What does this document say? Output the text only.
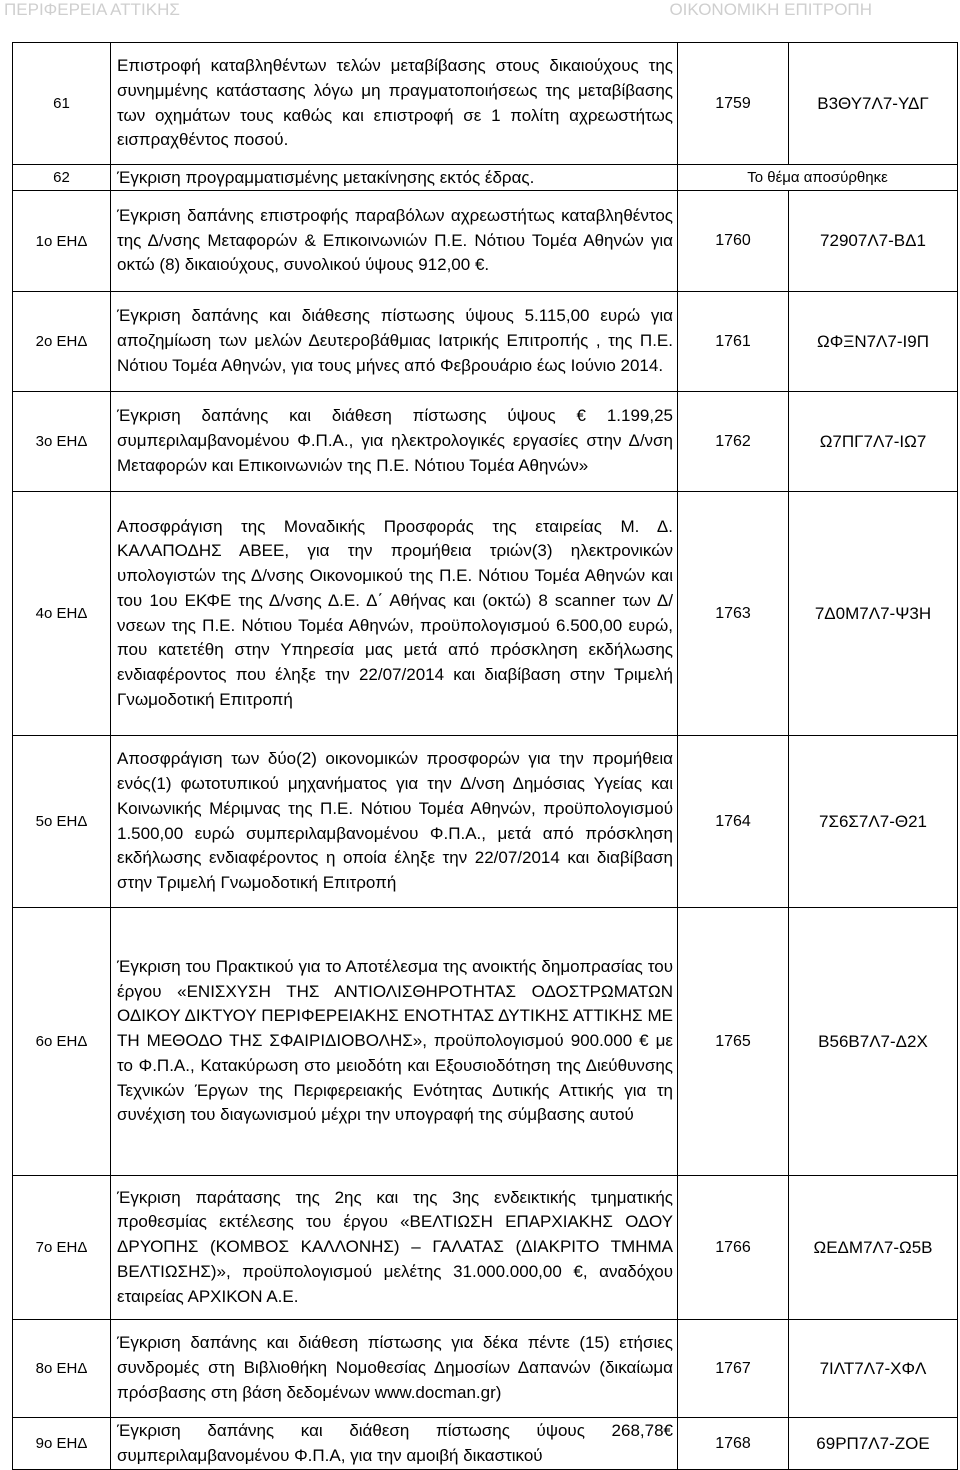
ΠΕΡΙΦΕΡΕΙΑ ΑΤΤΙΚΗΣ	ΟΙΚΟΝΟΜΙΚΗ ΕΠΙΤΡΟΠΗ
61	Επιστροφή καταβληθέντων τελών μεταβίβασης στους δικαιούχους της συνημμένης κατάστασης λόγω μη πραγματοποιήσεως της μεταβίβασης των οχημάτων τους καθώς και επιστροφή σε 1 πολίτη αχρεωστήτως εισπραχθέντος ποσού.	1759	Β3ΘΥ7Λ7-ΥΔΓ
62	Έγκριση προγραμματισμένης μετακίνησης εκτός έδρας.	Το θέμα αποσύρθηκε	
1ο ΕΗΔ	Έγκριση δαπάνης επιστροφής παραβόλων αχρεωστήτως καταβληθέντος της Δ/νσης Μεταφορών & Επικοινωνιών Π.Ε. Νότιου Τομέα Αθηνών για οκτώ (8) δικαιούχους, συνολικού ύψους 912,00 €.	1760	72907Λ7-ΒΔ1
2ο ΕΗΔ	Έγκριση δαπάνης και διάθεσης πίστωσης ύψους 5.115,00 ευρώ για αποζημίωση των μελών Δευτεροβάθμιας Ιατρικής Επιτροπής , της Π.Ε. Νότιου Τομέα Αθηνών, για τους μήνες από Φεβρουάριο έως Ιούνιο 2014.	1761	ΩΦΞΝ7Λ7-Ι9Π
3ο ΕΗΔ	Έγκριση δαπάνης και διάθεση πίστωσης ύψους € 1.199,25 συμπεριλαμβανομένου Φ.Π.Α., για ηλεκτρολογικές εργασίες στην Δ/νση Μεταφορών και Επικοινωνιών της Π.Ε. Νότιου Τομέα Αθηνών»	1762	Ω7ΠΓ7Λ7-ΙΩ7
4ο ΕΗΔ	Αποσφράγιση της Μοναδικής Προσφοράς της εταιρείας Μ. Δ. ΚΑΛΑΠΟΔΗΣ ΑΒΕΕ, για την προμήθεια τριών(3) ηλεκτρονικών υπολογιστών της Δ/νσης Οικονομικού της Π.Ε. Νότιου Τομέα Αθηνών και του 1ου ΕΚΦΕ της Δ/νσης Δ.Ε. Δ΄ Αθήνας και (οκτώ) 8 scanner των Δ/νσεων της Π.Ε. Νότιου Τομέα Αθηνών, προϋπολογισμού 6.500,00 ευρώ, που κατετέθη στην Υπηρεσία μας μετά από πρόσκληση εκδήλωσης ενδιαφέροντος που έληξε την 22/07/2014 και διαβίβαση στην Τριμελή Γνωμοδοτική Επιτροπή	1763	7Δ0Μ7Λ7-Ψ3Η
5ο ΕΗΔ	Αποσφράγιση των δύο(2) οικονομικών προσφορών για την προμήθεια ενός(1) φωτοτυπικού μηχανήματος για την Δ/νση Δημόσιας Υγείας και Κοινωνικής Μέριμνας της Π.Ε. Νότιου Τομέα Αθηνών, προϋπολογισμού 1.500,00 ευρώ συμπεριλαμβανομένου Φ.Π.Α., μετά από πρόσκληση εκδήλωσης ενδιαφέροντος η οποία έληξε την 22/07/2014 και διαβίβαση στην Τριμελή Γνωμοδοτική Επιτροπή	1764	7Σ6Σ7Λ7-Θ21
6ο ΕΗΔ	Έγκριση του Πρακτικού για το Αποτέλεσμα της ανοικτής δημοπρασίας του έργου «ΕΝΙΣΧΥΣΗ ΤΗΣ ΑΝΤΙΟΛΙΣΘΗΡΟΤΗΤΑΣ ΟΔΟΣΤΡΩΜΑΤΩΝ ΟΔΙΚΟΥ ΔΙΚΤΥΟΥ ΠΕΡΙΦΕΡΕΙΑΚΗΣ ΕΝΟΤΗΤΑΣ ΔΥΤΙΚΗΣ ΑΤΤΙΚΗΣ ΜΕ ΤΗ ΜΕΘΟΔΟ ΤΗΣ ΣΦΑΙΡΙΔΙΟΒΟΛΗΣ», προϋπολογισμού 900.000 € με το Φ.Π.Α., Κατακύρωση στο μειοδότη και Εξουσιοδότηση της Διεύθυνσης Τεχνικών Έργων της Περιφερειακής Ενότητας Δυτικής Αττικής για τη συνέχιση του διαγωνισμού μέχρι την υπογραφή της σύμβασης αυτού	1765	Β56Β7Λ7-Δ2Χ
7ο ΕΗΔ	Έγκριση παράτασης της 2ης και της 3ης ενδεικτικής τμηματικής προθεσμίας εκτέλεσης του έργου «ΒΕΛΤΙΩΣΗ ΕΠΑΡΧΙΑΚΗΣ ΟΔΟΥ ΔΡΥΟΠΗΣ (ΚΟΜΒΟΣ ΚΑΛΛΟΝΗΣ) – ΓΑΛΑΤΑΣ (ΔΙΑΚΡΙΤΟ ΤΜΗΜΑ ΒΕΛΤΙΩΣΗΣ)», προϋπολογισμού μελέτης 31.000.000,00 €, αναδόχου εταιρείας ΑΡΧΙΚΟΝ Α.Ε.	1766	ΩΕΔΜ7Λ7-Ω5Β
8ο ΕΗΔ	Έγκριση δαπάνης και διάθεση πίστωσης για δέκα πέντε (15) ετήσιες συνδρομές στη Βιβλιοθήκη Νομοθεσίας Δημοσίων Δαπανών (δικαίωμα πρόσβασης στη βάση δεδομένων www.docman.gr)	1767	7ΙΛΤ7Λ7-ΧΦΛ
9ο ΕΗΔ	Έγκριση δαπάνης και διάθεση πίστωσης ύψους 268,78€ συμπεριλαμβανομένου Φ.Π.Α, για την αμοιβή δικαστικού	1768	69ΡΠ7Λ7-ΖΟΕ
